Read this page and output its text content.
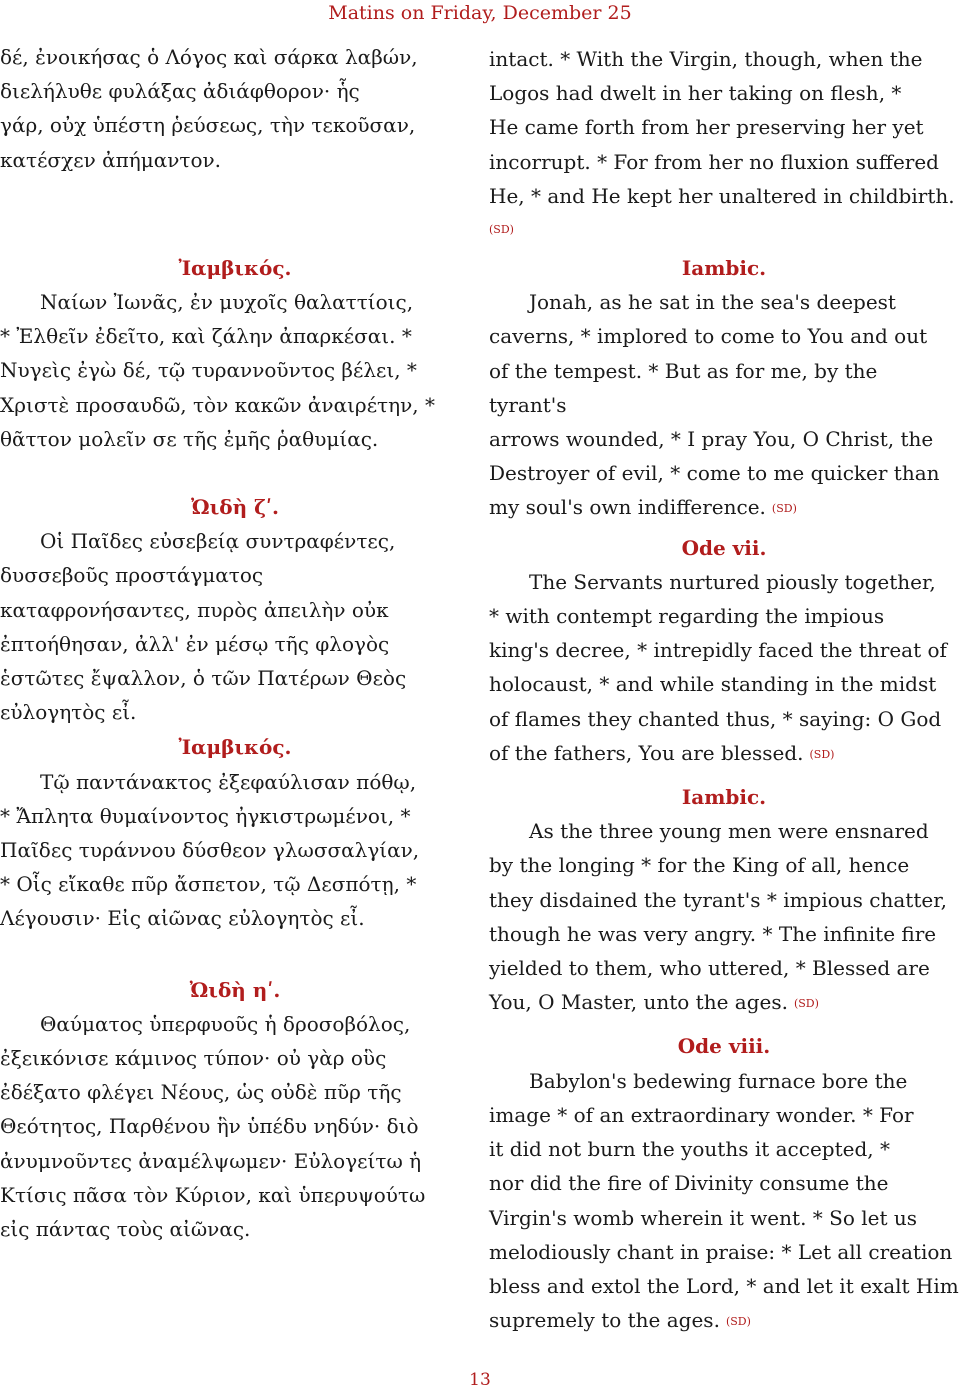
Matins on Friday, December 25

δέ, ἐνοικήσας ὁ Λόγος καὶ σάρκα λαβών,
διελήλυθε φυλάξας ἀδιάφθορον· ἧς
γάρ, οὐχ ὑπέστη ῥεύσεως, τὴν τεκοῦσαν,
κατέσχεν ἀπήμαντον.

Ἰαμβικός.

Ναίων Ἰωνᾶς, ἐν μυχοῖς θαλαττίοις,
* Ἐλθεῖν ἐδεῖτο, καὶ ζάλην ἀπαρκέσαι. *
Νυγεὶς ἐγὼ δέ, τῷ τυραννοῦντος βέλει, *
Χριστὲ προσαυδῶ, τὸν κακῶν ἀναιρέτην, *
θᾶττον μολεῖν σε τῆς ἐμῆς ῥαθυμίας.

Ὠιδὴ ζʹ.

Οἱ Παῖδες εὐσεβείᾳ συντραφέντες,
δυσσεβοῦς προστάγματος
καταφρονήσαντες, πυρὸς ἀπειλὴν οὐκ
ἐπτοήθησαν, ἀλλ' ἐν μέσῳ τῆς φλογὸς
ἑστῶτες ἔψαλλον, ὁ τῶν Πατέρων Θεὸς
εὐλογητὸς εἶ.

Ἰαμβικός.

Τῷ παντάνακτος ἐξεφαύλισαν πόθῳ,
* Ἄπλητα θυμαίνοντος ἠγκιστρωμένοι, *
Παῖδες τυράννου δύσθεον γλωσσαλγίαν,
* Οἷς εἴκαθε πῦρ ἄσπετον, τῷ Δεσπότῃ, *
Λέγουσιν· Εἰς αἰῶνας εὐλογητὸς εἶ.

Ὠιδὴ ηʹ.

Θαύματος ὑπερφυοῦς ἡ δροσοβόλος,
ἐξεικόνισε κάμινος τύπον· οὐ γὰρ οὓς
ἐδέξατο φλέγει Νέους, ὡς οὐδὲ πῦρ τῆς
Θεότητος, Παρθένου ἣν ὑπέδυ νηδύν· διὸ
ἀνυμνοῦντες ἀναμέλψωμεν· Εὐλογείτω ἡ
Κτίσις πᾶσα τὸν Κύριον, καὶ ὑπερυψούτω
εἰς πάντας τοὺς αἰῶνας.

intact. * With the Virgin, though, when the
Logos had dwelt in her taking on flesh, *
He came forth from her preserving her yet
incorrupt. * For from her no fluxion suffered
He, * and He kept her unaltered in childbirth.

(SD)

Iambic.

Jonah, as he sat in the sea's deepest
caverns, * implored to come to You and out
of the tempest. * But as for me, by the tyrant's
arrows wounded, * I pray You, O Christ, the
Destroyer of evil, * come to me quicker than
my soul's own indifference. (SD)

Ode vii.

The Servants nurtured piously together,
* with contempt regarding the impious
king's decree, * intrepidly faced the threat of
holocaust, * and while standing in the midst
of flames they chanted thus, * saying: O God
of the fathers, You are blessed. (SD)

Iambic.

As the three young men were ensnared
by the longing * for the King of all, hence
they disdained the tyrant's * impious chatter,
though he was very angry. * The infinite fire
yielded to them, who uttered, * Blessed are
You, O Master, unto the ages. (SD)

Ode viii.

Babylon's bedewing furnace bore the
image * of an extraordinary wonder. * For
it did not burn the youths it accepted, *
nor did the fire of Divinity consume the
Virgin's womb wherein it went. * So let us
melodiously chant in praise: * Let all creation
bless and extol the Lord, * and let it exalt Him
supremely to the ages. (SD)

13
